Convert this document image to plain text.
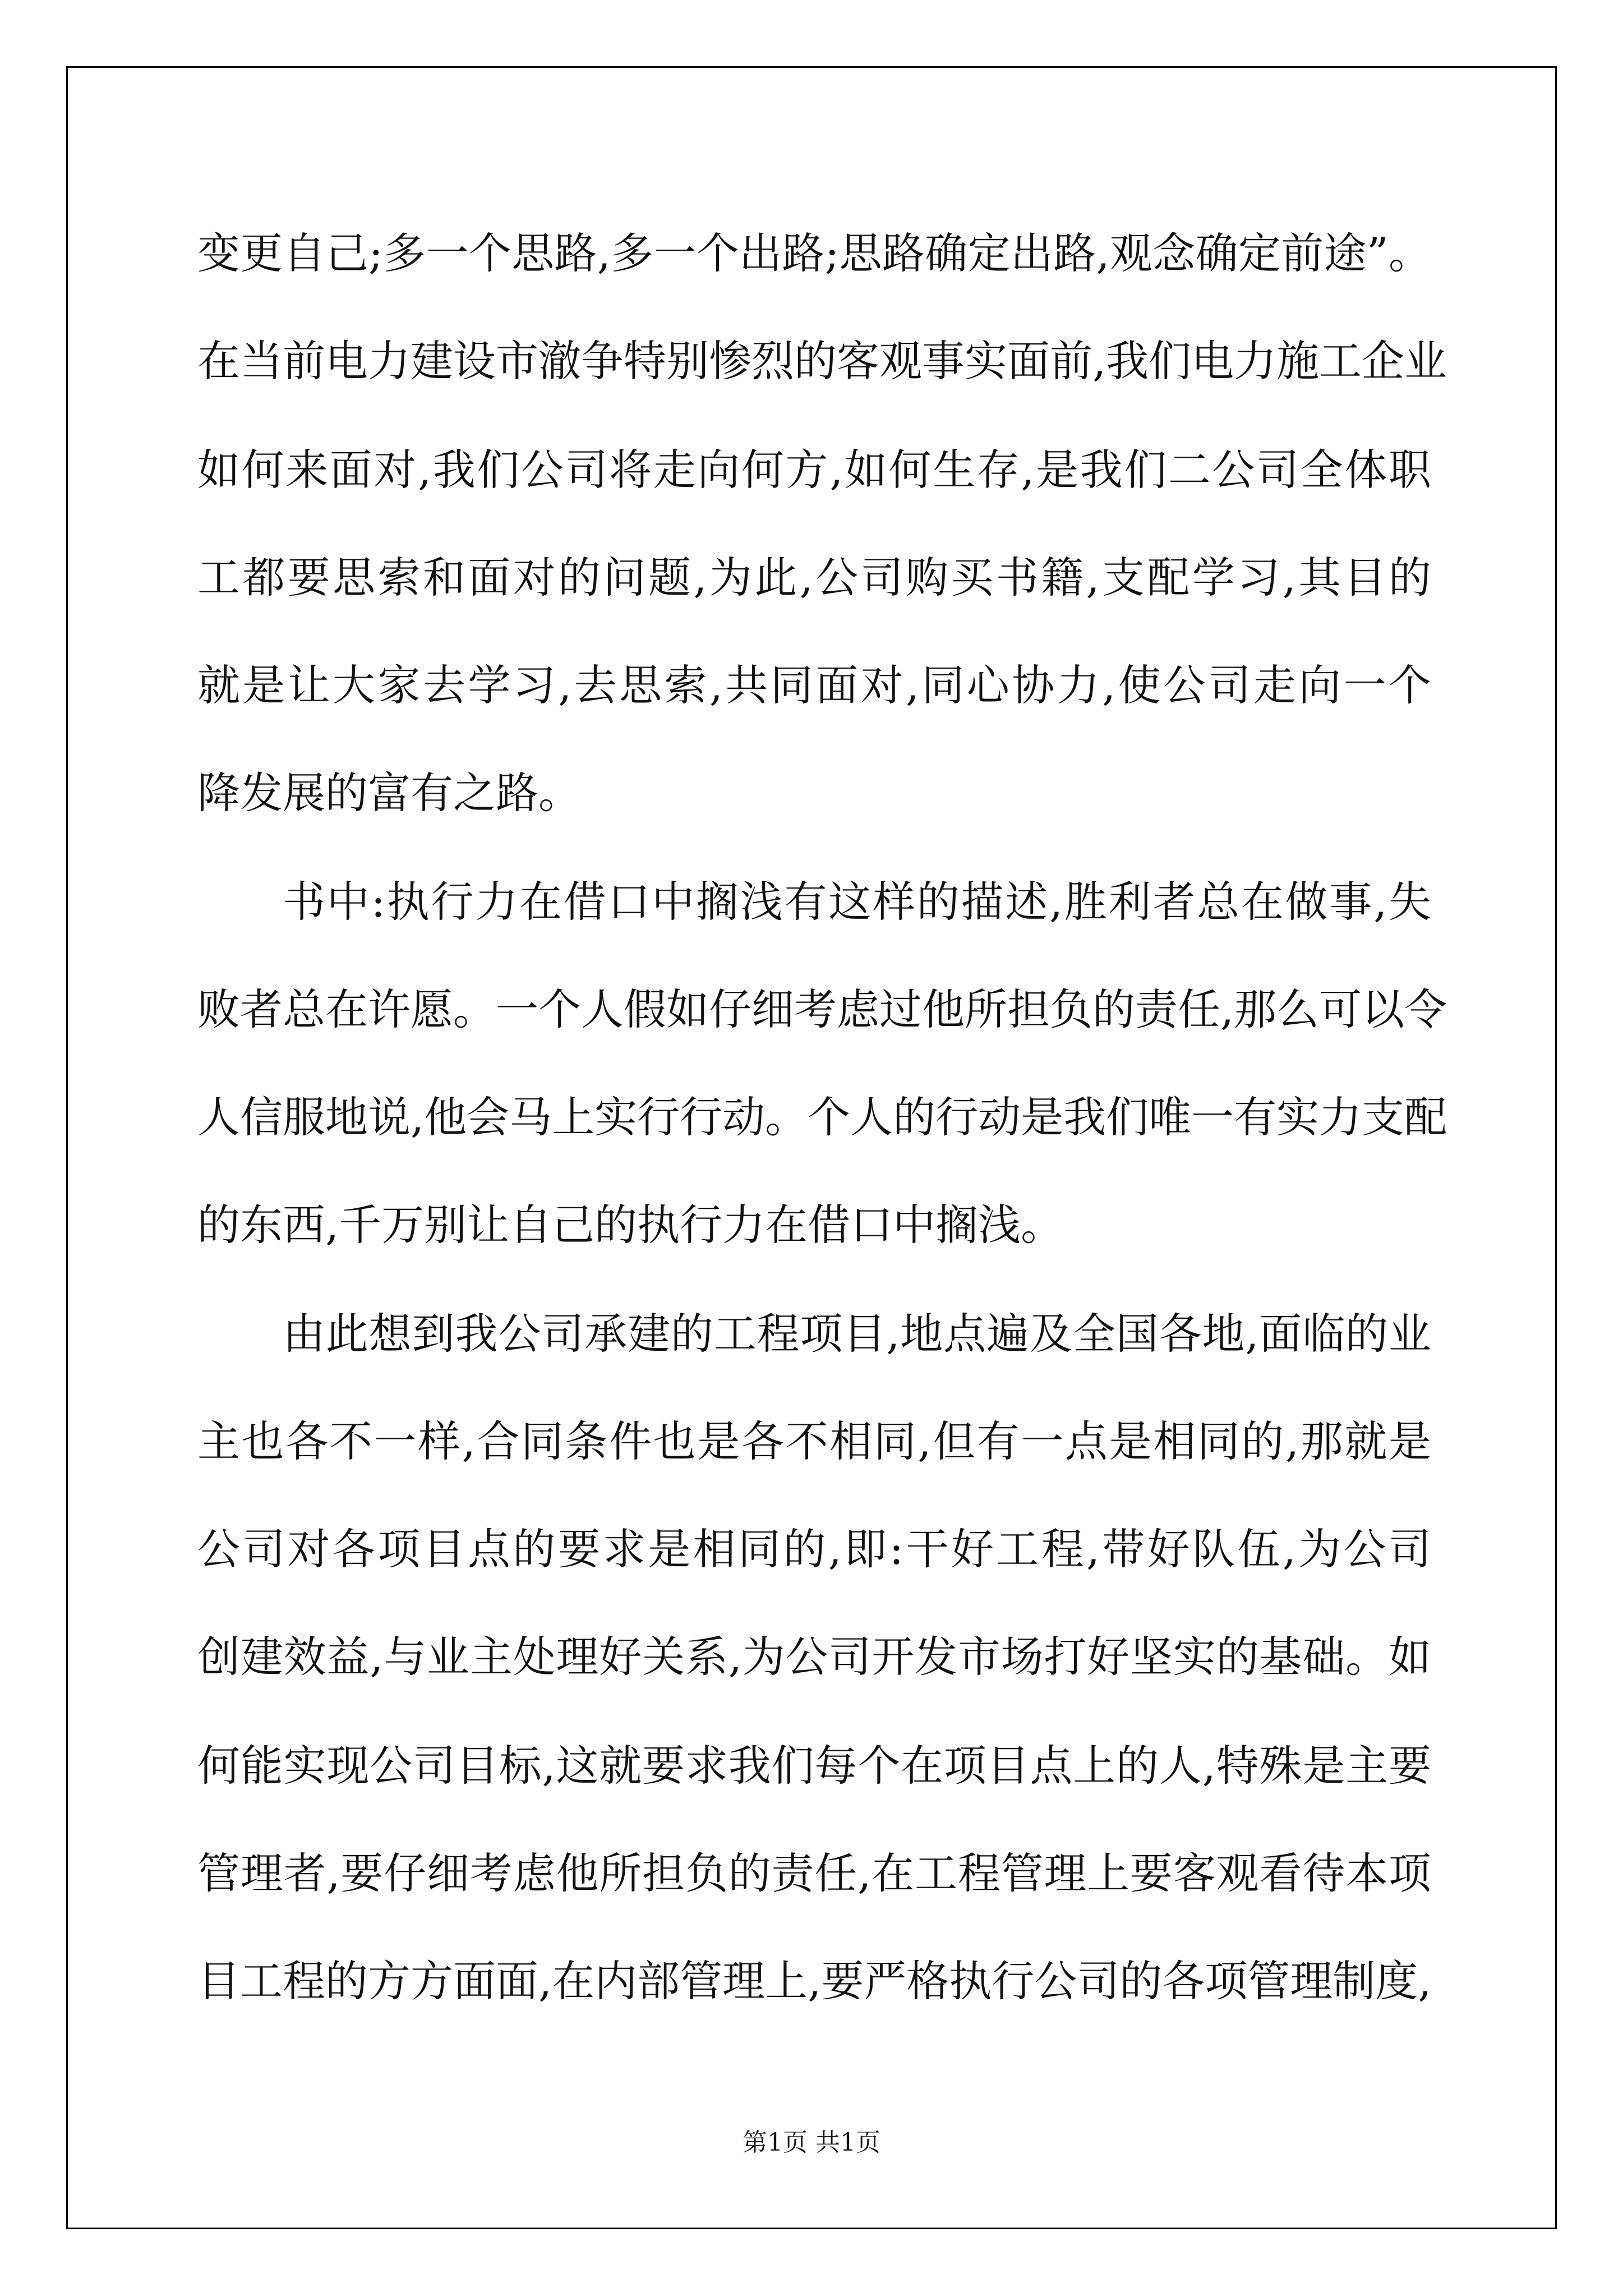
变更自己;多一个思路,多一个出路;思路确定出路,观念确定前途”。
在当前电力建设市澈争特别惨烈的客观事实面前,我们电力施工企业
如何来面对,我们公司将走向何方,如何生存,是我们二公司全体职
工都要思索和面对的问题,为此,公司购买书籍,支配学习,其目的
就是让大家去学习,去思索,共同面对,同心协力,使公司走向一个
降发展的富有之路。
书中:执行力在借口中搁浅有这样的描述,胜利者总在做事,失
败者总在许愿。一个人假如仔细考虑过他所担负的责任,那么可以令
人信服地说,他会马上实行行动。个人的行动是我们唯一有实力支配
的东西,千万别让自己的执行力在借口中搁浅。
由此想到我公司承建的工程项目,地点遍及全国各地,面临的业
主也各不一样,合同条件也是各不相同,但有一点是相同的,那就是
公司对各项目点的要求是相同的,即:干好工程,带好队伍,为公司
创建效益,与业主处理好关系,为公司开发市场打好坚实的基础。如
何能实现公司目标,这就要求我们每个在项目点上的人,特殊是主要
管理者,要仔细考虑他所担负的责任,在工程管理上要客观看待本项
目工程的方方面面,在内部管理上,要严格执行公司的各项管理制度,
第1页 共1页
